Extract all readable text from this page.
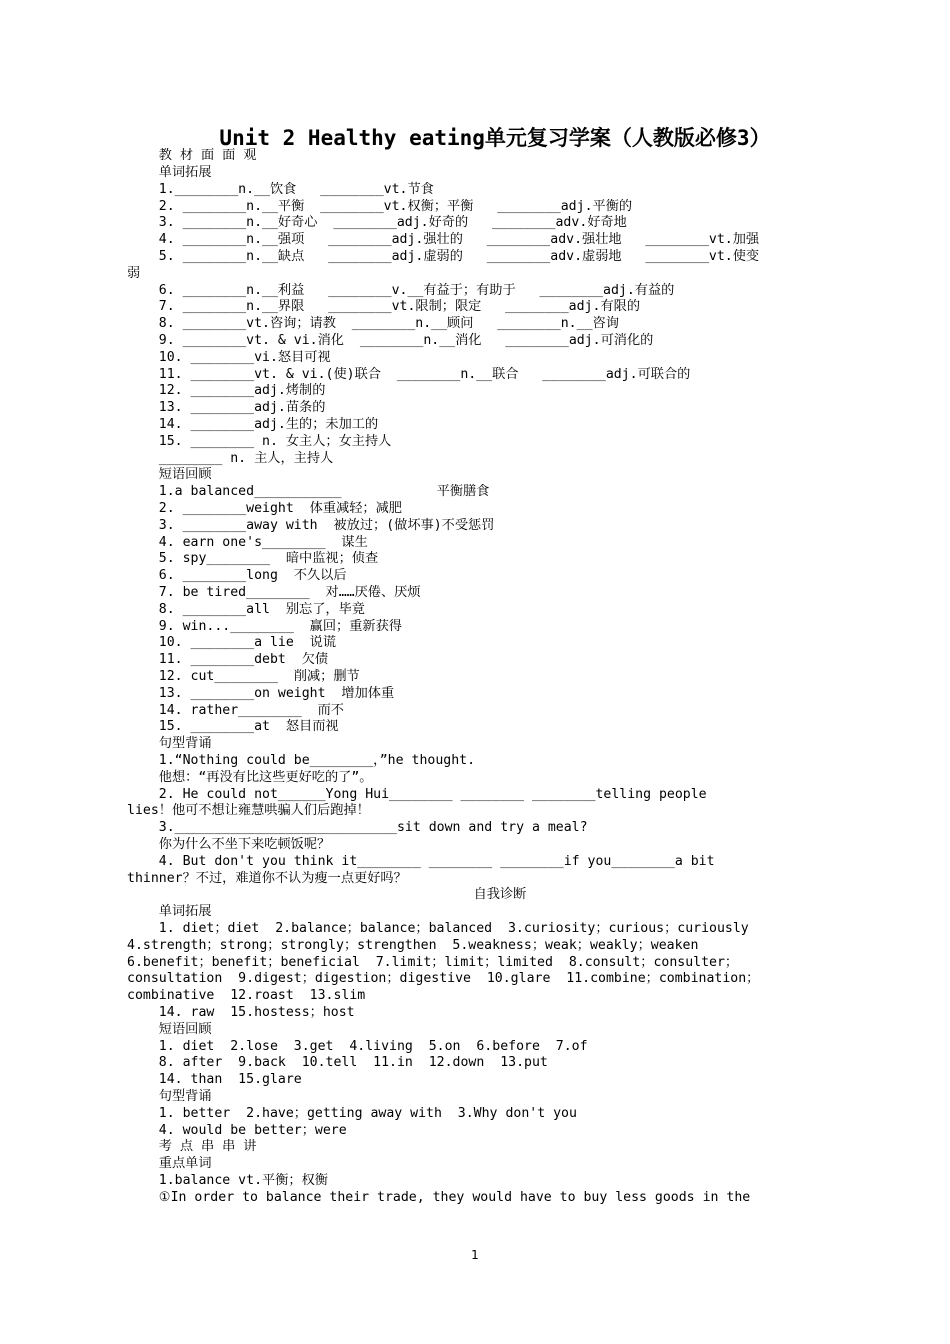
Unit 2 Healthy eating单元复习学案（人教版必修3）
教 材 面 面 观
单词拓展
1.________n.__饮食   ________vt.节食
2. ________n.__平衡  ________vt.权衡；平衡   ________adj.平衡的
3. ________n.__好奇心  ________adj.好奇的   ________adv.好奇地
4. ________n.__强项   ________adj.强壮的   ________adv.强壮地   ________vt.加强
5. ________n.__缺点   ________adj.虚弱的   ________adv.虚弱地   ________vt.使变
弱
6. ________n.__利益   ________v.__有益于；有助于   ________adj.有益的
7. ________n.__界限   ________vt.限制；限定   ________adj.有限的
8. ________vt.咨询；请教  ________n.__顾问   ________n.__咨询
9. ________vt. & vi.消化  ________n.__消化   ________adj.可消化的
10. ________vi.怒目可视
11. ________vt. & vi.(使)联合  ________n.__联合   ________adj.可联合的
12. ________adj.烤制的
13. ________adj.苗条的
14. ________adj.生的；未加工的
15. ________ n. 女主人；女主持人
________ n. 主人，主持人
短语回顾
1.a balanced___________            平衡膳食
2. ________weight  体重减轻；减肥
3. ________away with  被放过；(做坏事)不受惩罚
4. earn one's________  谋生
5. spy________  暗中监视；侦查
6. ________long  不久以后
7. be tired________  对……厌倦、厌烦
8. ________all  别忘了，毕竟
9. win...________  赢回；重新获得
10. ________a lie  说谎
11. ________debt  欠债
12. cut________  削减；删节
13. ________on weight  增加体重
14. rather________  而不
15. ________at  怒目而视
句型背诵
1.“Nothing could be________，”he thought.
他想：“再没有比这些更好吃的了”。
2. He could not______Yong Hui________ ________ ________telling people
lies！他可不想让雍慧哄骗人们后跑掉！
3.____________________________sit down and try a meal?
你为什么不坐下来吃顿饭呢？
4. But don't you think it________ ________ ________if you________a bit
thinner？不过，难道你不认为瘦一点更好吗？
自我诊断
单词拓展
1. diet；diet  2.balance；balance；balanced  3.curiosity；curious；curiously
4.strength；strong；strongly；strengthen  5.weakness；weak；weakly；weaken
6.benefit；benefit；beneficial  7.limit；limit；limited  8.consult；consulter；
consultation  9.digest；digestion；digestive  10.glare  11.combine；combination；
combinative  12.roast  13.slim
14. raw  15.hostess；host
短语回顾
1. diet  2.lose  3.get  4.living  5.on  6.before  7.of
8. after  9.back  10.tell  11.in  12.down  13.put
14. than  15.glare
句型背诵
1. better  2.have；getting away with  3.Why don't you
4. would be better；were
考 点 串 串 讲
重点单词
1.balance vt.平衡；权衡
①In order to balance their trade, they would have to buy less goods in the
1
